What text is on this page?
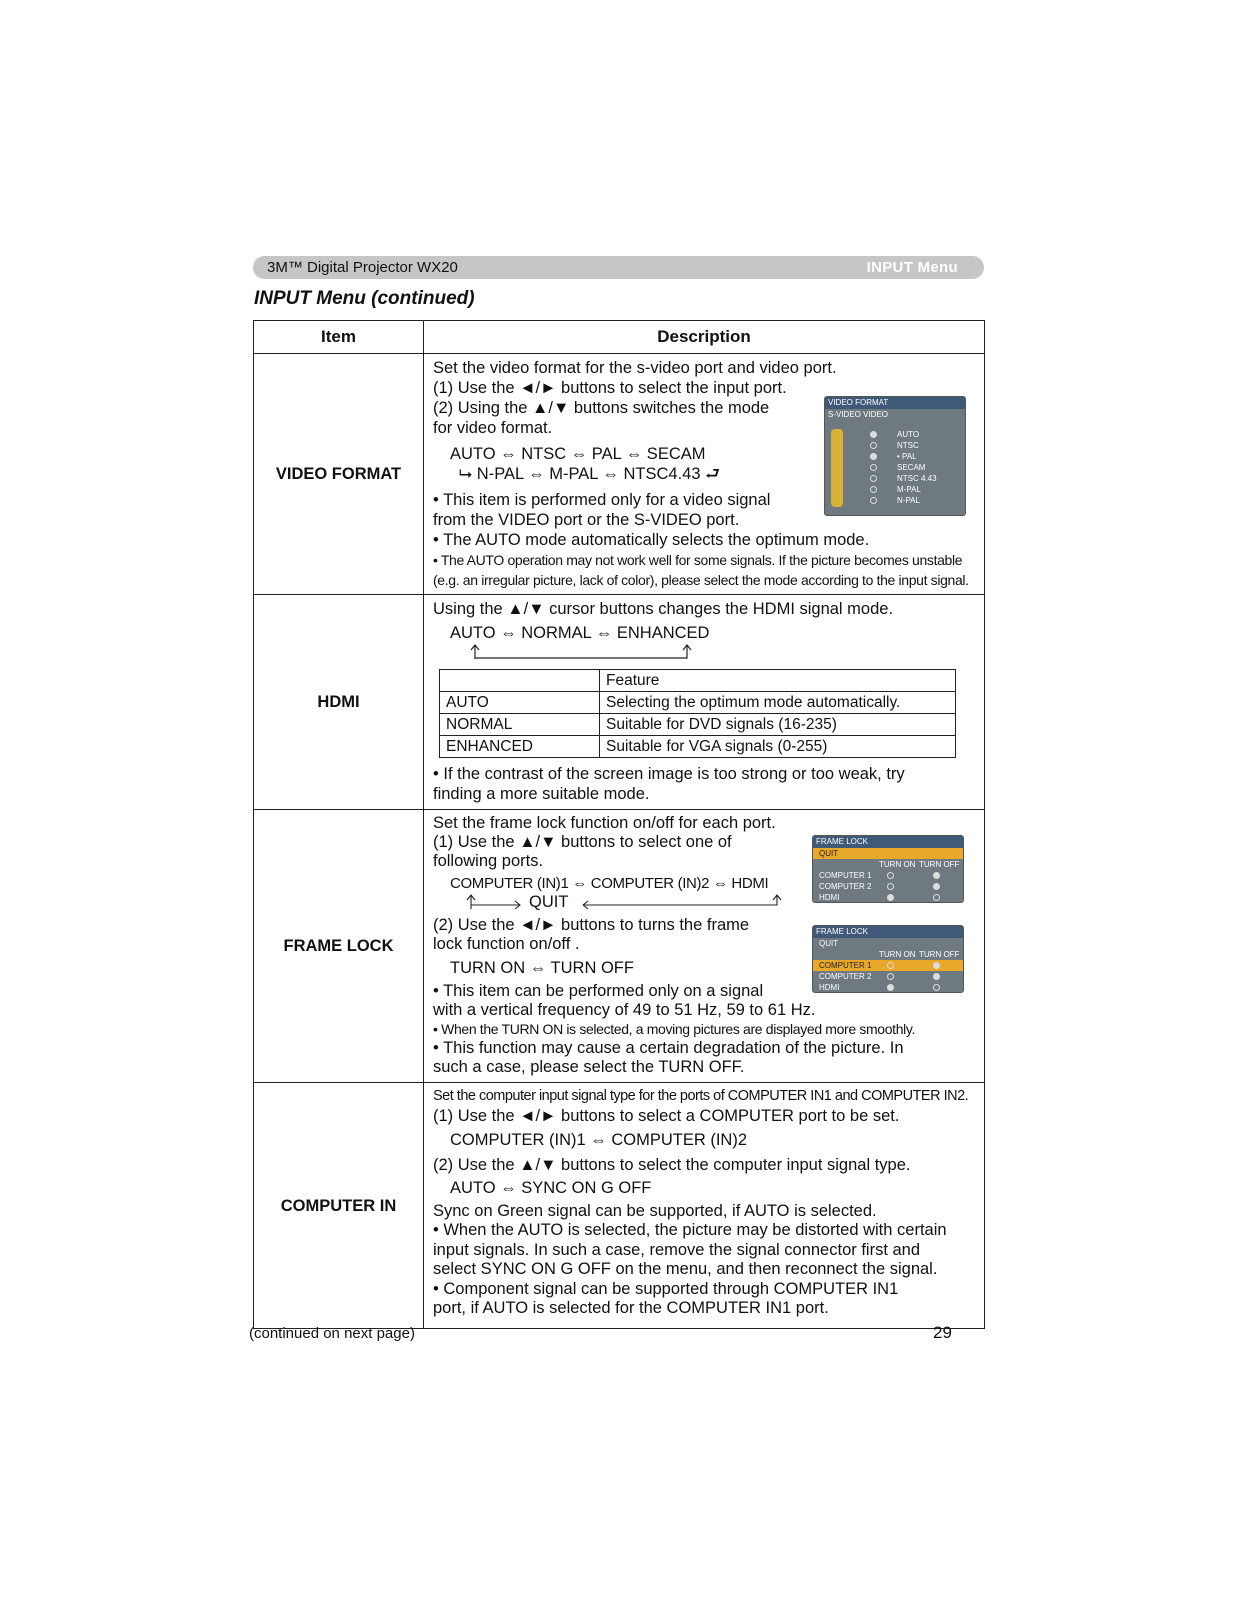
3M™ Digital Projector WX20	INPUT Menu
INPUT Menu (continued)
Item	Description
VIDEO FORMAT	
Set the video format for the s-video port and video port.
(1) Use the ◄/► buttons to select the input port.
(2) Using the ▲/▼ buttons switches the mode
for video format.
AUTO ⇔ NTSC ⇔ PAL ⇔ SECAM
⮡ N-PAL ⇔ M-PAL ⇔ NTSC4.43 ⮐
• This item is performed only for a video signal
from the VIDEO port or the S-VIDEO port.
• The AUTO mode automatically selects the optimum mode.
• The AUTO operation may not work well for some signals. If the picture becomes unstable
(e.g. an irregular picture, lack of color), please select the mode according to the input signal.
VIDEO FORMAT
S-VIDEO VIDEO
AUTO
NTSC
• PAL
SECAM
NTSC 4.43
M-PAL
N-PAL

HDMI	
Using the ▲/▼ cursor buttons changes the HDMI signal mode.
AUTO ⇔ NORMAL ⇔ ENHANCED
	Feature
AUTO	Selecting the optimum mode automatically.
NORMAL	Suitable for DVD signals (16-235)
ENHANCED	Suitable for VGA signals (0-255)
• If the contrast of the screen image is too strong or too weak, try
finding a more suitable mode.

FRAME LOCK	
Set the frame lock function on/off for each port.
(1) Use the ▲/▼ buttons to select one of
following ports.
COMPUTER (IN)1 ⇔ COMPUTER (IN)2 ⇔ HDMI
QUIT
(2) Use the ◄/► buttons to turns the frame
lock function on/off .
TURN ON ⇔ TURN OFF
• This item can be performed only on a signal
with a vertical frequency of 49 to 51 Hz, 59 to 61 Hz.
• When the TURN ON is selected, a moving pictures are displayed more smoothly.
• This function may cause a certain degradation of the picture. In
such a case, please select the TURN OFF.
FRAME LOCK
QUIT
TURN ON TURN OFF
COMPUTER 1
COMPUTER 2
HDMI
FRAME LOCK
QUIT
TURN ON TURN OFF
COMPUTER 1
COMPUTER 2
HDMI

COMPUTER IN	
Set the computer input signal type for the ports of COMPUTER IN1 and COMPUTER IN2.
(1) Use the ◄/► buttons to select a COMPUTER port to be set.
COMPUTER (IN)1 ⇔ COMPUTER (IN)2
(2) Use the ▲/▼ buttons to select the computer input signal type.
AUTO ⇔ SYNC ON G OFF
Sync on Green signal can be supported, if AUTO is selected.
• When the AUTO is selected, the picture may be distorted with certain
input signals. In such a case, remove the signal connector first and
select SYNC ON G OFF on the menu, and then reconnect the signal.
• Component signal can be supported through COMPUTER IN1
port, if AUTO is selected for the COMPUTER IN1 port.
(continued on next page)	29
